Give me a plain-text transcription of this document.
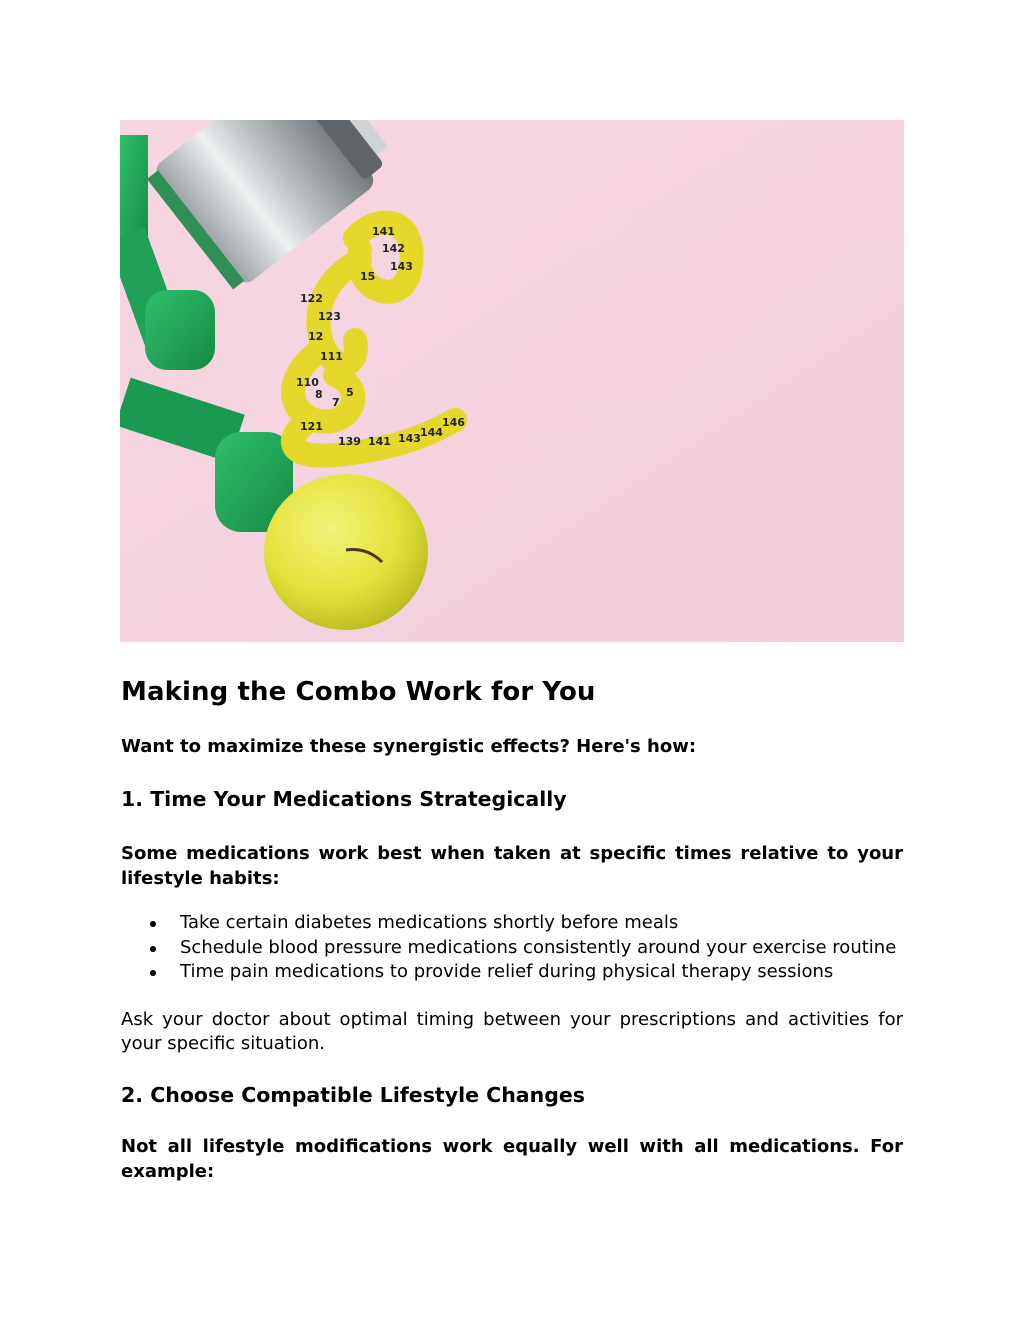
141
142
143
15
122
123
12
111
110
8
7
5
121
139 141 143 144
146
Making the Combo Work for You

Want to maximize these synergistic effects? Here's how:

1. Time Your Medications Strategically

Some medications work best when taken at specific times relative to your lifestyle habits:

Take certain diabetes medications shortly before meals
Schedule blood pressure medications consistently around your exercise routine
Time pain medications to provide relief during physical therapy sessions

Ask your doctor about optimal timing between your prescriptions and activities for your specific situation.

2. Choose Compatible Lifestyle Changes

Not all lifestyle modifications work equally well with all medications. For example:
